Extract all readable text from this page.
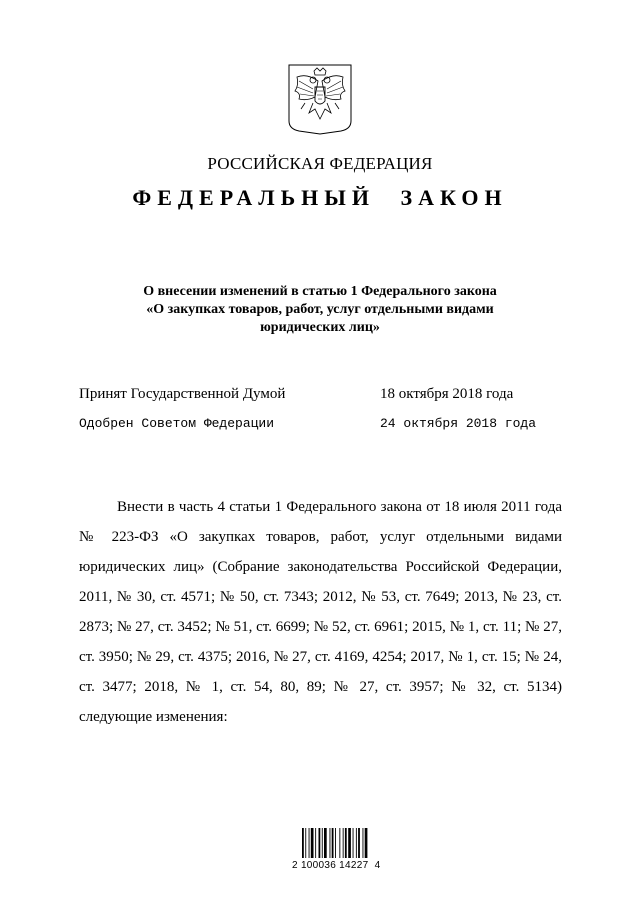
РОССИЙСКАЯ ФЕДЕРАЦИЯ
ФЕДЕРАЛЬНЫЙ ЗАКОН
О внесении изменений в статью 1 Федерального закона
«О закупках товаров, работ, услуг отдельными видами
юридических лиц»
Принят Государственной Думой	18 октября 2018 года
Одобрен Советом Федерации	24 октября 2018 года

Внести в часть 4 статьи 1 Федерального закона от 18 июля 2011 года № 223-ФЗ «О закупках товаров, работ, услуг отдельными видами юридических лиц» (Собрание законодательства Российской Федерации, 2011, № 30, ст. 4571; № 50, ст. 7343; 2012, № 53, ст. 7649; 2013, № 23, ст. 2873; № 27, ст. 3452; № 51, ст. 6699; № 52, ст. 6961; 2015, № 1, ст. 11; № 27, ст. 3950; № 29, ст. 4375; 2016, № 27, ст. 4169, 4254; 2017, № 1, ст. 15; № 24, ст. 3477; 2018, № 1, ст. 54, 80, 89; № 27, ст. 3957; № 32, ст. 5134) следующие изменения:

2 100036 14227  4
